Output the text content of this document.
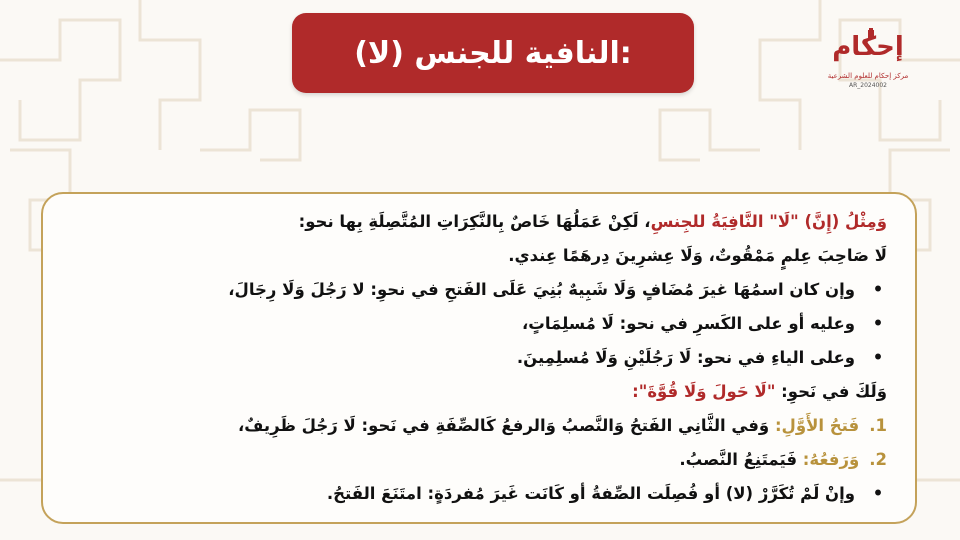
(لا) النافية للجنس:	إحكام
مركز إحكام للعلوم الشرعية
AR_2024002
وَمِثْلُ (إِنَّ) "لَا" النَّافِيَةُ للجِنسِ، لَكِنْ عَمَلُهَا خَاصٌ بِالنَّكِرَاتِ المُتَّصِلَةِ بِها نحو:
لَا صَاحِبَ عِلمٍ مَمْقُوتٌ، وَلَا عِشرِينَ دِرهَمًا عِندي.
•وإن كان اسمُهَا غيرَ مُضَافٍ وَلَا شَبِيهٌ بُنِيَ عَلَى الفَتحِ في نحوِ: لا رَجُلَ وَلَا رِجَالَ،
•وعليه أو على الكَسرِ في نحو: لَا مُسلِمَاتٍ،
•وعلى الياءِ في نحو: لَا رَجُلَيْنِ وَلَا مُسلِمِينَ.
وَلَكَ في نَحوِ: "لَا حَولَ وَلَا قُوَّةَ":
1.فَتحُ الأَوَّلِ: وَفي الثَّانِي الفَتحُ وَالنَّصبُ وَالرفعُ كَالصِّفَةِ في نَحو: لَا رَجُلَ ظَرِيفٌ،
2.وَرَفعُهُ: فَيَمتَنِعُ النَّصبُ.
•وإنْ لَمْ تُكَرَّرْ (لا) أو فُصِلَت الصِّفةُ أو كَانَت غَيرَ مُفردَةٍ: امتَنَعَ الفَتحُ.
